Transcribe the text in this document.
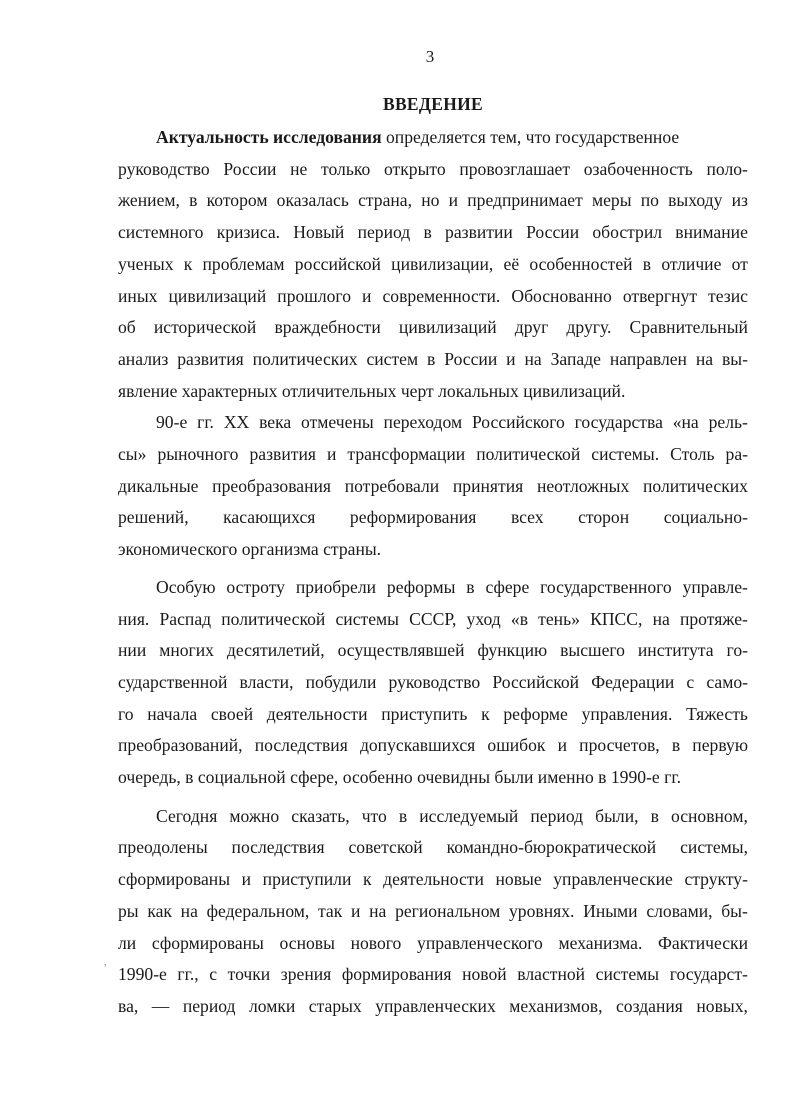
3
ВВЕДЕНИЕ

Актуальность исследования определяется тем, что государственное
руководство России не только открыто провозглашает озабоченность поло-
жением, в котором оказалась страна, но и предпринимает меры по выходу из
системного кризиса. Новый период в развитии России обострил внимание
ученых к проблемам российской цивилизации, её особенностей в отличие от
иных цивилизаций прошлого и современности. Обоснованно отвергнут тезис
об исторической враждебности цивилизаций друг другу. Сравнительный
анализ развития политических систем в России и на Западе направлен на вы-
явление характерных отличительных черт локальных цивилизаций.

90-е гг. XX века отмечены переходом Российского государства «на рель-
сы» рыночного развития и трансформации политической системы. Столь ра-
дикальные преобразования потребовали принятия неотложных политических
решений, касающихся реформирования всех сторон социально-
экономического организма страны.

Особую остроту приобрели реформы в сфере государственного управле-
ния. Распад политической системы СССР, уход «в тень» КПСС, на протяже-
нии многих десятилетий, осуществлявшей функцию высшего института го-
сударственной власти, побудили руководство Российской Федерации с само-
го начала своей деятельности приступить к реформе управления. Тяжесть
преобразований, последствия допускавшихся ошибок и просчетов, в первую
очередь, в социальной сфере, особенно очевидны были именно в 1990-е гг.

Сегодня можно сказать, что в исследуемый период были, в основном,
преодолены последствия советской командно-бюрократической системы,
сформированы и приступили к деятельности новые управленческие структу-
ры как на федеральном, так и на региональном уровнях. Иными словами, бы-
ли сформированы основы нового управленческого механизма. Фактически
1990-е гг., с точки зрения формирования новой властной системы государст-
ва, — период ломки старых управленческих механизмов, создания новых,

,
